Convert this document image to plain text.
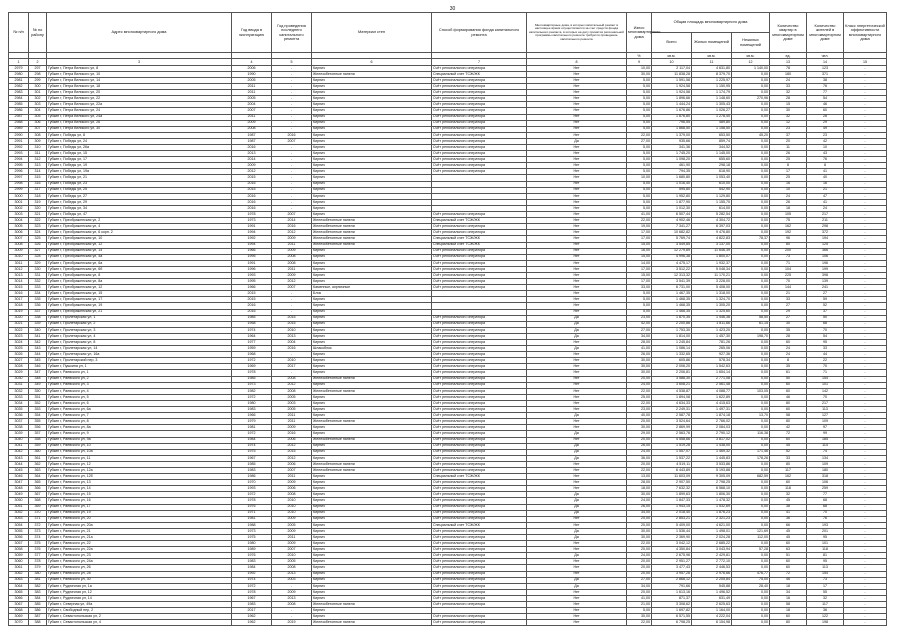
30
№ п/п	№ по району	Адрес многоквартирного дома	Год ввода в эксплуатацию	Год проведения последнего капитального ремонта	Материал стен	Способ формирования фонда капитального ремонта	Многоквартирные дома, в которых капитальный ремонт в настоящее время осуществляется за счет средств фонда капитального ремонта, в которых на дату принятия региональной программы капитального ремонта требуется проведение капитального ремонта	Износ многоквартирного дома	Общая площадь многоквартирного дома			Количество квартир в многоквартирном доме	Количество жителей в многоквартирном доме	Класс энергетической эффективности многоквартирного дома
									Всего	Жилых помещений	Нежилых помещений			
								%	кв.м.	кв.м.	кв.м.	ед.	чел.	
1	2	3	4	5	6	7	8	9	10	11	12	13	14	15
2979	297	Губкин г, Петра Великого ул, 8	2006	-	Кирпич	Счёт регионального оператора	Нет	10,00	2 117,04	4 631,80	1 140,00	78	123	-
2980	298	Губкин г, Петра Великого ул, 10	1990	-	Железобетонные панели	Специальный счет ТСЖ/ЖК	Нет	30,00	11 838,28	8 379,70	0,00	180	371	-
2981	299	Губкин г, Петра Великого ул, 14	2005	-	Кирпич	Счёт регионального оператора	Нет	5,00	1 591,58	1 225,97	0,00	24	38	-
2982	300	Губкин г, Петра Великого ул, 18	2011	-	Кирпич	Счёт регионального оператора	Нет	5,00	1 924,58	1 150,95	0,00	33	76	-
2983	301	Губкин г, Петра Великого ул, 20	2011	-	Кирпич	Счёт регионального оператора	Нет	5,00	1 924,58	1 174,79	0,00	32	77	-
2984	302	Губкин г, Петра Великого ул, 22	2005	-	Кирпич	Счёт регионального оператора	Нет	5,00	1 896,66	1 148,60	270,96	28	54	-
2985	303	Губкин г, Петра Великого ул, 22а	2004	-	Кирпич	Счёт регионального оператора	Нет	5,00	1 444,24	1 305,43	0,00	15	46	-
2986	304	Губкин г, Петра Великого ул, 24	2007	-	Кирпич	Счёт регионального оператора	Нет	5,00	1 676,86	1 026,27	0,00	30	60	-
2987	305	Губкин г, Петра Великого ул, 24а	2011	-	Кирпич	Счёт регионального оператора	Нет	5,00	1 876,80	1 278,40	0,00	32	28	-
2988	306	Губкин г, Петра Великого ул, 26	2009	-	Кирпич	Счёт регионального оператора	Нет	5,00	796,55	489,80	0,00	12	29	-
2989	307	Губкин г, Петра Великого ул, 30	2008	-	Кирпич	Счёт регионального оператора	Нет	5,00	1 868,50	1 158,50	0,00	23	49	-
2990	308	Губкин г, Победы ул, 8	1987	2016	Кирпич	Счёт регионального оператора	Нет	22,00	1 379,00	653,50	45,20	37	23	-
2991	309	Губкин г, Победы ул, 24	1987	2007	Кирпич	Счёт регионального оператора	Да	27,00	935,66	859,74	0,00	20	42	-
2992	310	Губкин г, Победы ул, 26а	2016	-	Кирпич	Счёт регионального оператора	Нет	5,00	341,36	344,52	0,00	11	10	-
2993	311	Губкин г, Победы ул, 15	2013	-	Кирпич	Счёт регионального оператора	Нет	5,00	1 745,20	1 145,00	0,00	26	43	-
2994	312	Губкин г, Победы ул, 17	2014	-	Кирпич	Счёт регионального оператора	Нет	5,00	1 098,20	655,60	0,00	25	76	-
2995	313	Губкин г, Победы ул, 19	2009	-	Кирпич	Счёт регионального оператора	Нет	5,00	461,90	298,18	0,00	8	8	-
2996	314	Губкин г, Победы ул, 19а	2012	-	Кирпич	Счёт регионального оператора	Нет	5,00	794,35	618,90	0,00	17	41	-
2997	315	Губкин г, Победы ул, 21	2015	-	Кирпич		Нет	10,00	1 680,80	1 053,40	0,00	25	40	-
2998	316	Губкин г, Победы ул, 23	2016	-	Кирпич		Нет	5,00	1 016,40	610,00	0,00	16	16	-
2999	317	Губкин г, Победы ул, 25	2015	-	Кирпич		Нет	5,00	595,80	542,90	0,00	10	21	-
3000	318	Губкин г, Победы ул, 27	2016	-	Кирпич		Нет	5,00	1 952,80	1 129,80	0,00	24	47	-
3001	319	Губкин г, Победы ул, 29	2016	-	Кирпич		Нет	5,00	1 877,90	1 155,70	0,00	26	41	-
3002	320	Губкин г, Победы ул, 34	2016	-	Кирпич		Нет	5,00	1 012,30	614,00	0,00	18	24	-
3003	321	Губкин г, Победы ул, 47	1978	2007	Кирпич	Счёт регионального оператора	Нет	41,00	6 507,44	5 282,54	0,00	105	217	-
3004	322	Губкин г, Преображенская ул, 2	1973	2014	Железобетонные панели	Специальный счет ТСЖ/ЖК	Нет	22,00	4 902,46	4 304,72	0,00	75	211	-
3005	323	Губкин г, Преображенская ул, 4	1991	2016	Железобетонные панели	Счёт регионального оператора	Нет	19,00	7 341,27	6 397,03	0,00	162	298	-
3006	324	Губкин г, Преображенская ул, 6 корп. 2	1994	2012	Железобетонные панели	Счёт регионального оператора	Нет	17,00	10 682,82	9 476,80	0,00	192	372	-
3007	325	Губкин г, Преображенская ул, 10	1992	2009	Железобетонные панели	Специальный счет ТСЖ/ЖК	Нет	17,00	5 769,74	4 822,83	78,37	96	194	-
3008	326	Губкин г, Преображенская ул, 12	1994	2011	Железобетонные панели	Специальный счет ТСЖ/ЖК	Нет	15,00	3 549,85	3 137,00	0,00	60	125	-
3009	327	Губкин г, Преображенская ул, 14	1966	2009	Кирпич	Счёт регионального оператора	Нет	16,00	12 279,89	11 646,39	0,00	200	366	-
3010	328	Губкин г, Преображенская ул, 4а	1995	2008	Кирпич	Счёт регионального оператора	Нет	15,00	4 996,38	1 800,07	0,00	73	106	-
3011	329	Губкин г, Преображенская ул, 6а	1991	2008	Кирпич	Счёт регионального оператора	Нет	14,00	4 475,17	1 932,37	0,00	71	196	-
3012	330	Губкин г, Преображенская ул, 6б	1996	2011	Кирпич	Счёт регионального оператора	Нет	17,00	3 512,22	5 048,34	0,00	104	199	-
3013	331	Губкин г, Преображенская ул, 8	1993	2009	Кирпич	Счёт регионального оператора	Нет	15,00	12 313,32	11 170,21	0,00	225	398	-
3014	332	Губкин г, Преображенская ул, 8а	1995	2012	Кирпич	Счёт регионального оператора	Нет	17,00	3 541,39	3 228,00	0,00	70	139	-
3015	333	Губкин г, Преображенская ул, 12	1966	2007	Каменные, кирпичные	Счёт регионального оператора	Нет	33,00	6 731,00	5 408,00	0,00	144	241	-
3016	334	Губкин г, Преображенская ул, 15	2015	-	Блок		Нет	5,00	1 467,35	1 318,00	0,00	21	27	-
3017	335	Губкин г, Преображенская ул, 17	2015	-	Кирпич		Нет	5,00	1 468,35	1 324,70	0,00	33	59	-
3018	336	Губкин г, Преображенская ул, 19	2016	-	Кирпич		Нет	5,00	1 468,35	1 305,20	0,00	27	52	-
3019	337	Губкин г, Преображенская ул, 21	2016	-	Кирпич		Нет	5,00	1 468,35	1 325,60	0,00	29	37	-
3020	338	Губкин г, Пролетарская ул, 1	1985	2015	Кирпич	Счёт регионального оператора	Да	23,00	1 870,35	1 446,38	58,50	27	50	-
3021	339	Губкин г, Пролетарская ул, 2	1958	2015	Кирпич	Счёт регионального оператора	Да	42,00	2 200,88	1 811,66	61,15	30	68	-
3022	340	Губкин г, Пролетарская ул, 3	1974	2010	Кирпич	Счёт регионального оператора	Да	27,00	1 753,30	1 423,20	0,00	35	70	-
3023	341	Губкин г, Пролетарская ул, 4	1964	2013	Кирпич	Счёт регионального оператора	Да	34,00	1 814,00	1 457,30	198,70	28	54	-
3024	342	Губкин г, Пролетарская ул, 8	1977	2004	Кирпич	Счёт регионального оператора	Нет	28,00	1 245,84	781,26	0,00	60	95	-
3025	343	Губкин г, Пролетарская ул, 14	1959	2016	Шлакоблок	Счёт регионального оператора	Да	41,00	1 086,14	265,06	0,00	24	33	-
3026	344	Губкин г, Пролетарская ул, 16а	1968	-	Кирпич	Счёт регионального оператора	Нет	26,00	1 332,65	927,36	0,00	24	44	-
3027	345	Губкин г, Пролетарский пер, 3	1972	2010	Кирпич	Счёт регионального оператора	Нет	30,00	605,86	578,34	0,00	8	22	-
3028	346	Губкин г, Пушкина ул, 1	1969	2017	Кирпич	Счёт регионального оператора	Нет	30,00	2 006,20	1 542,63	0,00	35	70	-
3029	347	Губкин г, Раевского ул, 1	1978	-	Кирпич	Счёт регионального оператора	Нет	30,00	2 206,81	1 654,14	0,00	61	71	-
3030	348	Губкин г, Раевского ул, 2	1985	2008	Железобетонные панели	Счёт регионального оператора	Нет	20,00	3 588,30	2 771,08	0,00	50	154	-
3031	349	Губкин г, Раевского ул, 3	1973	2012	Кирпич	Счёт регионального оператора	Нет	24,00	3 608,21	2 561,48	0,00	60	101	-
3032	350	Губкин г, Раевского ул, 4	1982	2008	Железобетонные панели	Счёт регионального оператора	Нет	22,00	4 538,87	4 088,77	103,05	60	142	-
3033	351	Губкин г, Раевского ул, 5	1972	2005	Кирпич	Счёт регионального оператора	Нет	25,00	1 894,08	1 622,89	0,00	46	70	-
3034	352	Губкин г, Раевского ул, 6	1980	2003	Кирпич	Счёт регионального оператора	Нет	22,00	4 634,33	4 415,63	0,00	80	217	-
3035	353	Губкин г, Раевского ул, 6а	1983	2005	Кирпич	Счёт регионального оператора	Нет	23,00	2 249,31	1 497,31	0,00	60	113	-
3036	354	Губкин г, Раевского ул, 7	1966	2011	Кирпич	Счёт регионального оператора	Да	40,00	2 587,78	1 874,18	13,70	58	127	-
3037	355	Губкин г, Раевского ул, 8	1979	2011	Железобетонные панели	Счёт регионального оператора	Нет	20,00	3 524,64	2 766,02	0,00	80	109	-
3038	356	Губкин г, Раевского ул, 8а	1981	2009	Кирпич	Счёт регионального оператора	Нет	30,00	2 869,99	2 084,03	0,00	42	97	-
3039	357	Губкин г, Раевского ул, 9	1972	2016	Кирпич	Счёт регионального оператора	Да	29,00	2 563,76	2 790,12	116,38	72	99	-
3040	358	Губкин г, Раевского ул, 9а	1984	2006	Железобетонные панели	Счёт регионального оператора	Нет	20,00	4 558,66	3 817,02	0,00	60	185	-
3041	359	Губкин г, Раевского ул, 10	1974	2012	Кирпич	Счёт регионального оператора	Да	26,00	1 519,28	1 438,00	0,00	45	114	-
3042	360	Губкин г, Раевского ул, 10а	1975	2015	Кирпич	Счёт регионального оператора	Да	24,00	1 557,07	1 469,32	171,46	52	74	-
3043	361	Губкин г, Раевского ул, 11	1967	2012	Кирпич	Счёт регионального оператора	Да	36,00	1 537,22	1 445,83	178,26	33	134	-
3044	362	Губкин г, Раевского ул, 12	1985	2006	Железобетонные панели	Счёт регионального оператора	Нет	20,00	4 519,11	3 533,86	0,00	80	109	-
3045	363	Губкин г, Раевского ул, 12а	1983	2007	Железобетонные панели	Счёт регионального оператора	Нет	22,00	6 443,89	5 193,88	0,00	117	180	-
3046	364	Губкин г, Раевского ул, 12б	1986	2011	Кирпич	Специальный счет ТСЖ/ЖК	Нет	13,00	11 603,09	9 305,09	682,59	162	318	-
3047	365	Губкин г, Раевского ул, 13	1970	2009	Кирпич	Счёт регионального оператора	Нет	28,00	2 907,50	2 798,25	0,00	60	106	-
3048	366	Губкин г, Раевского ул, 14	1993	2006	Кирпич	Счёт регионального оператора	Нет	18,00	7 632,32	6 568,10	0,00	118	259	-
3049	367	Губкин г, Раевского ул, 15	1972	2008	Кирпич	Счёт регионального оператора	Да	30,00	1 899,63	1 806,30	0,00	32	77	-
3050	368	Губкин г, Раевского ул, 16	1978	2010	Кирпич	Счёт регионального оператора	Да	24,00	1 847,33	1 478,32	0,00	45	68	-
3051	369	Губкин г, Раевского ул, 17	1976	2010	Кирпич	Счёт регионального оператора	Да	26,00	1 943,15	1 532,69	0,00	38	68	-
3052	370	Губкин г, Раевского ул, 19	1971	2010	Кирпич	Счёт регионального оператора	Да	34,00	2 018,40	1 876,23	0,00	41	70	-
3053	371	Губкин г, Раевского ул, 20	1981	2009	Кирпич	Счёт регионального оператора	Нет	20,00	2 853,21	2 321,23	0,00	36	76	-
3054	372	Губкин г, Раевского ул, 20а	1988	2005	Кирпич	Специальный счет ТСЖ/ЖК	Нет	20,00	5 409,00	4 621,00	0,00	66	193	-
3055	373	Губкин г, Раевского ул, 21	1973	2009	Кирпич	Счёт регионального оператора	Да	30,00	1 536,44	1 498,01	121,69	45	201	-
3056	374	Губкин г, Раевского ул, 21а	1975	2011	Кирпич	Счёт регионального оператора	Да	30,00	2 369,90	2 024,28	112,00	45	95	-
3057	375	Губкин г, Раевского ул, 22	1980	2009	Кирпич	Счёт регионального оператора	Нет	22,00	3 042,12	2 685,22	0,00	60	101	-
3058	376	Губкин г, Раевского ул, 22а	1989	2007	Кирпич	Счёт регионального оператора	Нет	20,00	4 350,84	3 043,94	57,28	63	118	-
3059	377	Губкин г, Раевского ул, 23	1976	2010	Кирпич	Счёт регионального оператора	Да	24,00	2 675,96	2 429,81	0,00	51	81	-
3060	378	Губкин г, Раевского ул, 24а	1983	2005	Кирпич	Счёт регионального оператора	Нет	20,00	2 951,27	2 772,10	0,00	60	95	-
3061	379	Губкин г, Раевского ул, 26	1984	2008	Кирпич	Счёт регионального оператора	Нет	20,00	3 477,43	2 446,53	0,00	60	113	-
3062	380	Губкин г, Раевского ул, 28	1992	2013	Кирпич	Счёт регионального оператора	Нет	20,00	3 957,28	2 976,66	476,77	72	154	-
3063	381	Губкин г, Раевского ул, 30	1974	2003	Кирпич	Счёт регионального оператора	Да	27,00	2 868,12	2 205,84	75,00	46	73	-
3064	382	Губкин г, Рудничная ул, 1а	1972	-	Кирпич	Счёт регионального оператора	Да	34,00	791,66	545,88	28,40	18	17	-
3065	383	Губкин г, Рудничная ул, 12	1978	2009	Кирпич	Счёт регионального оператора	Нет	20,00	1 613,16	1 496,52	0,00	34	55	-
3066	384	Губкин г, Рудничная ул, 14	1967	2013	Кирпич	Счёт регионального оператора	Нет	41,00	871,37	631,49	0,00	16	32	-
3067	385	Губкин г, Северная ул, 49а	1983	2008	Железобетонные панели	Счёт регионального оператора	Нет	21,00	3 308,62	2 625,63	0,00	58	117	-
3068	386	Губкин г, Свободный пер, 2	2017	-	Кирпич		Нет	5,00	1 697,82	1 164,00	0,00	18	36	-
3069	387	Губкин г, Севастопольская ул, 2	1962	-	Кирпич	Счёт регионального оператора	Нет	30,00	6 571,55	4 222,04	0,00	60	122	-
3070	388	Губкин г, Севастопольская ул, 4	1962	2019	Железобетонные панели	Счёт регионального оператора	Нет	22,00	6 798,25	6 154,98	0,00	80	198	-
